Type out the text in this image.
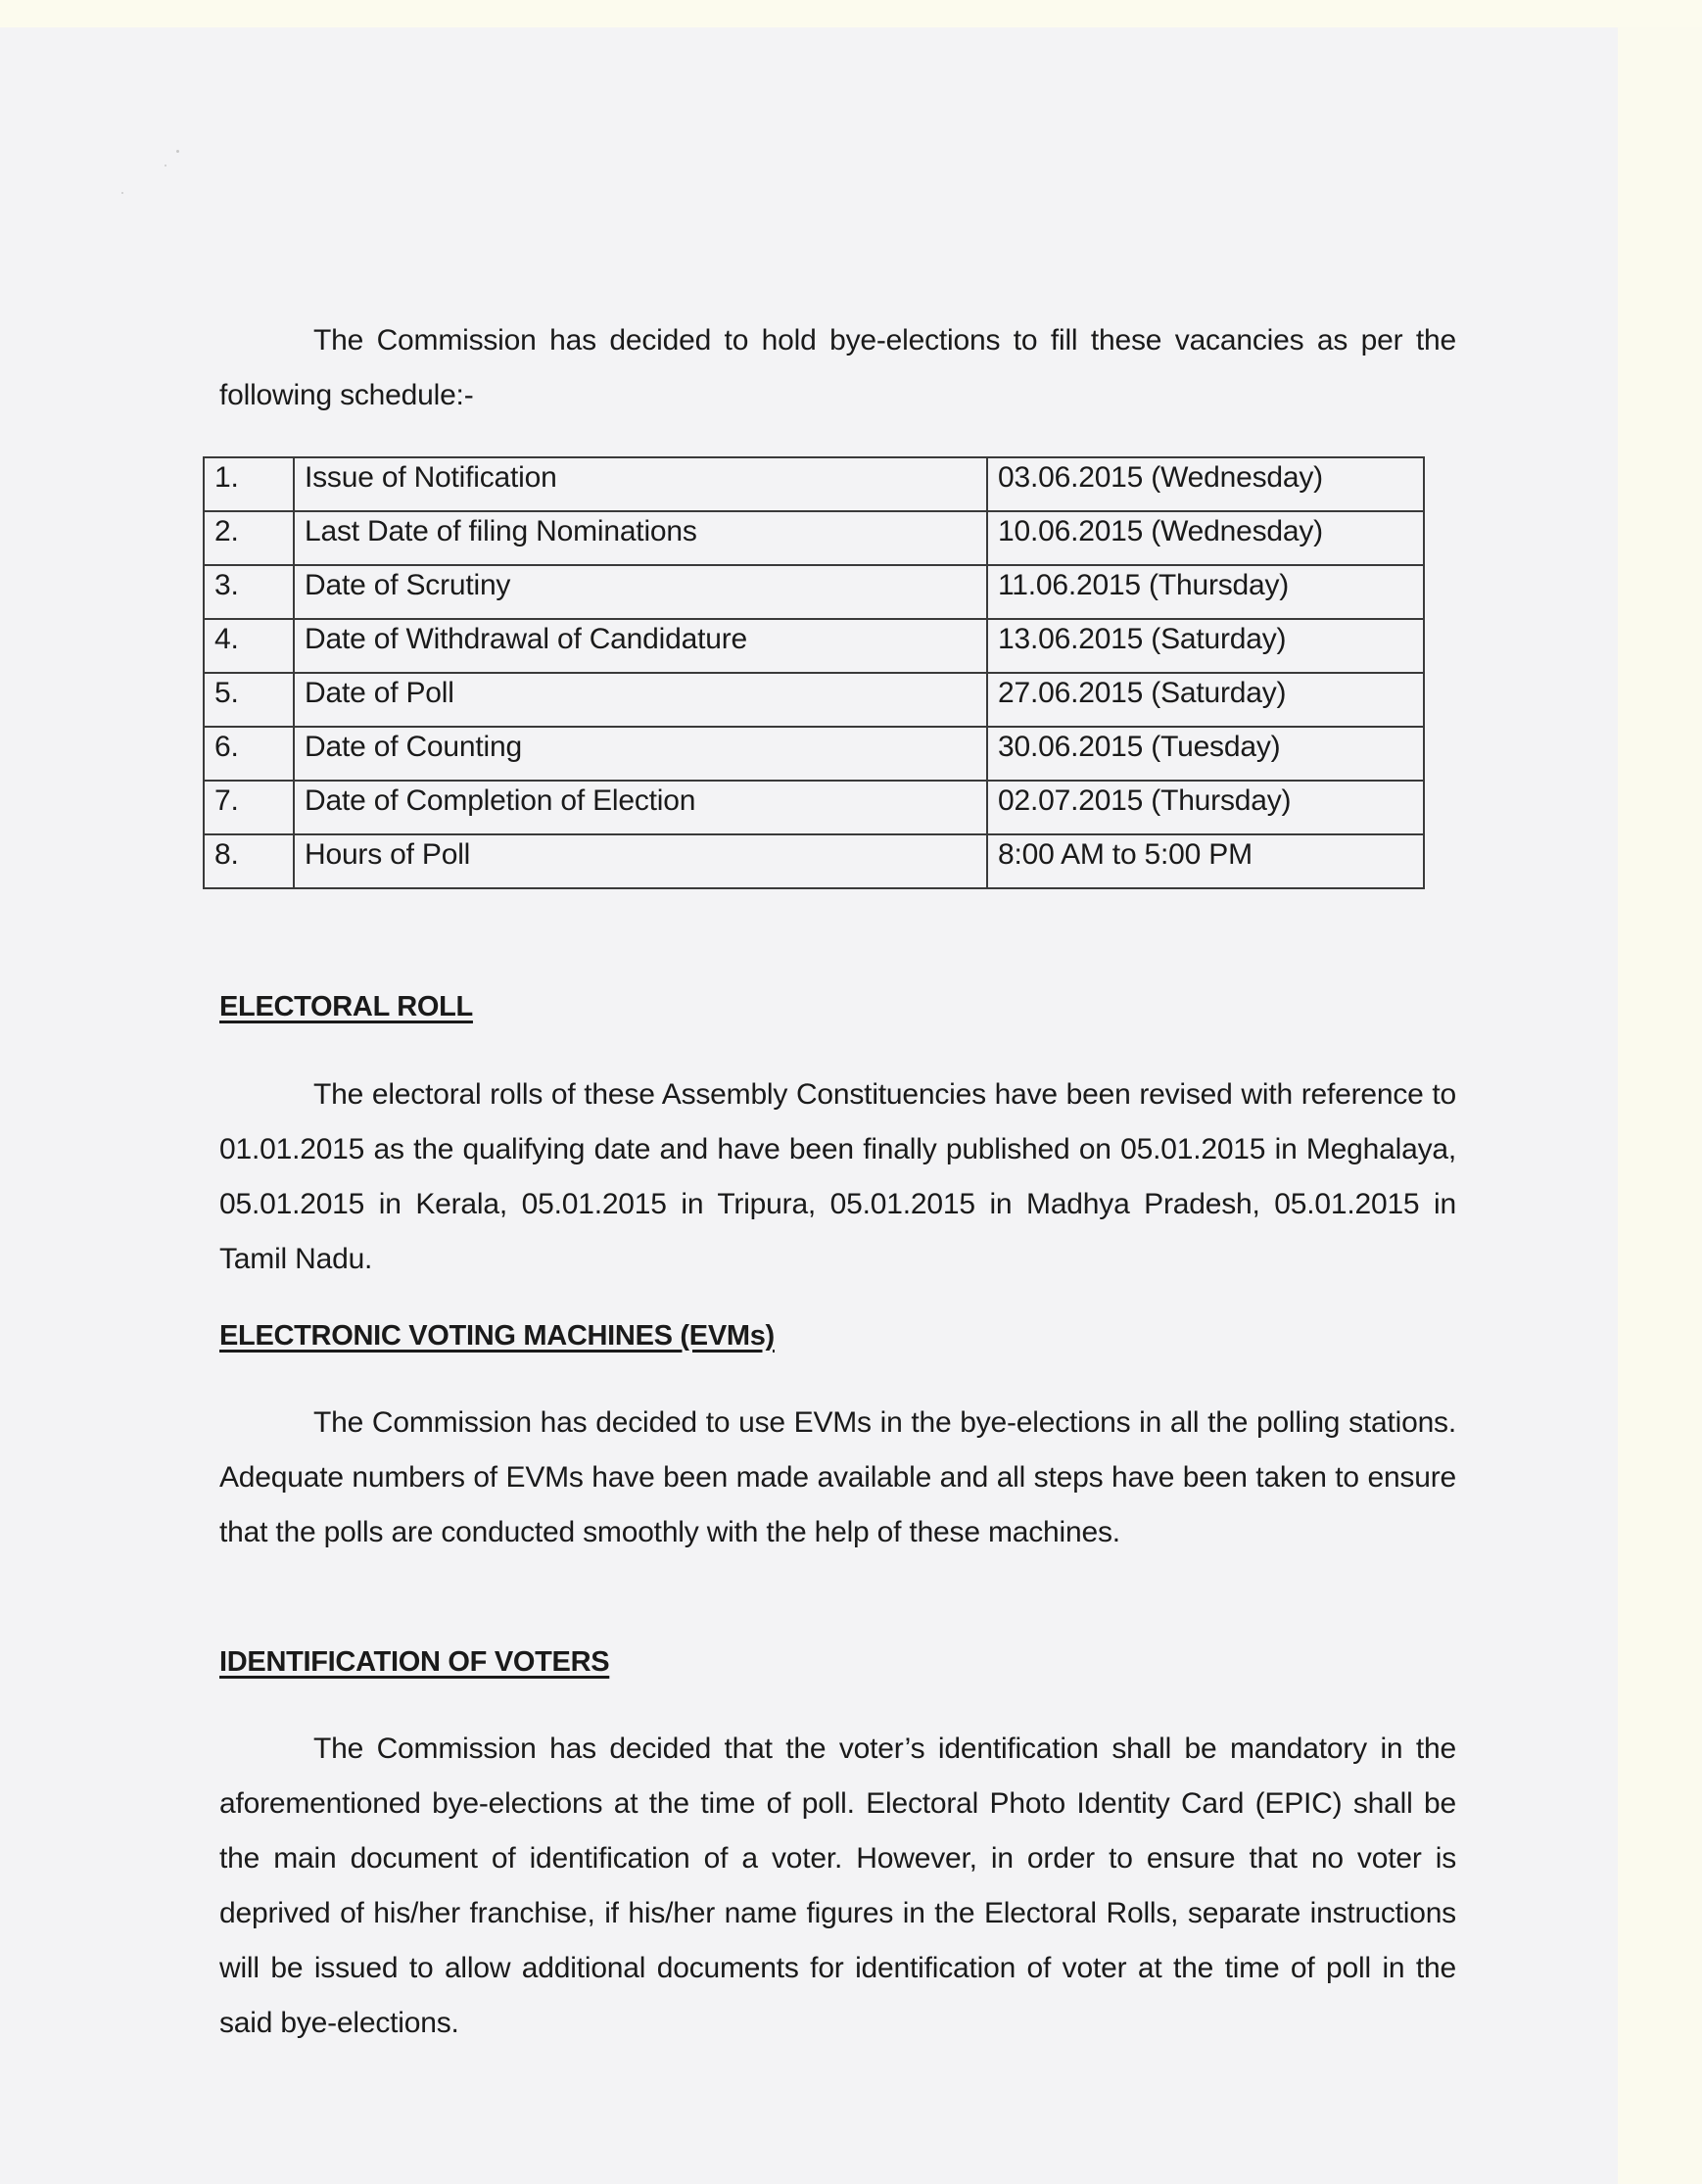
The Commission has decided to hold bye-elections to fill these vacancies as per the following schedule:-
1.	Issue of Notification	03.06.2015 (Wednesday)
2.	Last Date of filing Nominations	10.06.2015 (Wednesday)
3.	Date of Scrutiny	11.06.2015 (Thursday)
4.	Date of Withdrawal of Candidature	13.06.2015 (Saturday)
5.	Date of Poll	27.06.2015 (Saturday)
6.	Date of Counting	30.06.2015 (Tuesday)
7.	Date of Completion of Election	02.07.2015 (Thursday)
8.	Hours of Poll	8:00 AM to 5:00 PM
ELECTORAL ROLL
The electoral rolls of these Assembly Constituencies have been revised with reference to 01.01.2015 as the qualifying date and have been finally published on 05.01.2015 in Meghalaya, 05.01.2015 in Kerala, 05.01.2015 in Tripura, 05.01.2015 in Madhya Pradesh, 05.01.2015 in Tamil Nadu.
ELECTRONIC VOTING MACHINES (EVMs)
The Commission has decided to use EVMs in the bye-elections in all the polling stations. Adequate numbers of EVMs have been made available and all steps have been taken to ensure that the polls are conducted smoothly with the help of these machines.
IDENTIFICATION OF VOTERS
The Commission has decided that the voter’s identification shall be mandatory in the aforementioned bye-elections at the time of poll. Electoral Photo Identity Card (EPIC) shall be the main document of identification of a voter. However, in order to ensure that no voter is deprived of his/her franchise, if his/her name figures in the Electoral Rolls, separate instructions will be issued to allow additional documents for identification of voter at the time of poll in the said bye-elections.
